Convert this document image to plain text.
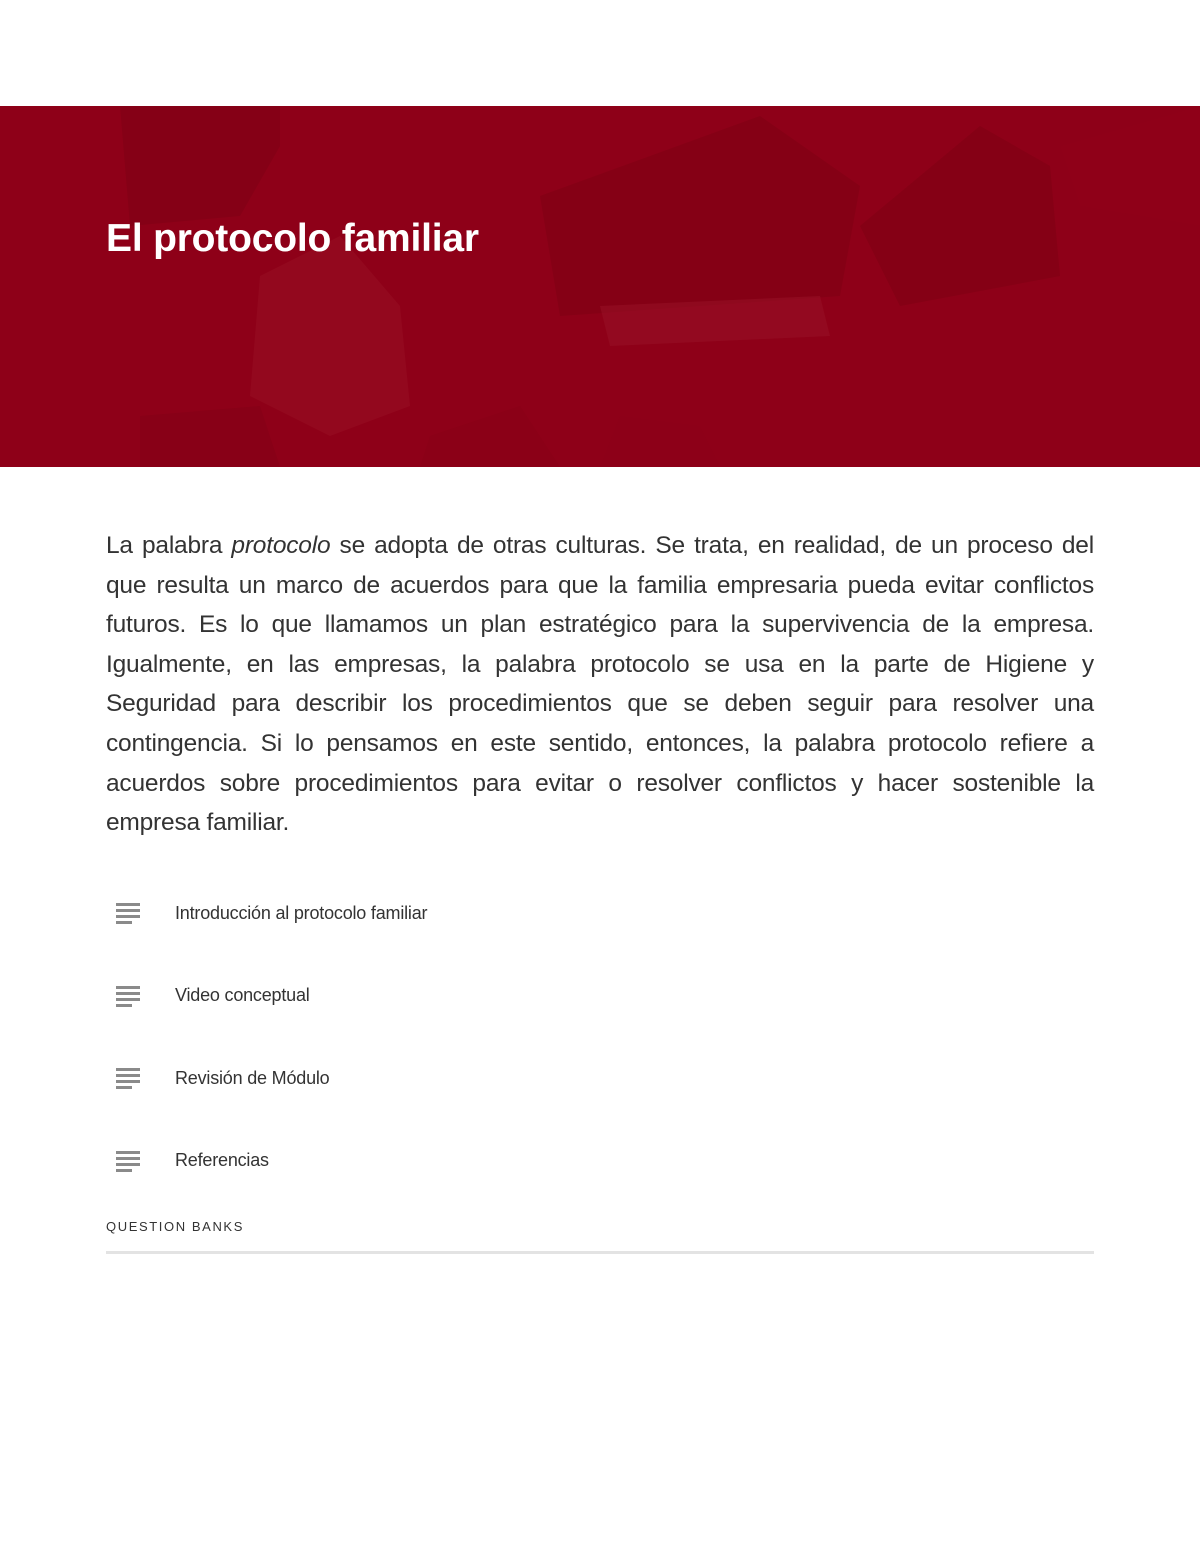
El protocolo familiar

La palabra protocolo se adopta de otras culturas. Se trata, en realidad, de un proceso del que resulta un marco de acuerdos para que la familia empresaria pueda evitar conflictos futuros. Es lo que llamamos un plan estratégico para la supervivencia de la empresa. Igualmente, en las empresas, la palabra protocolo se usa en la parte de Higiene y Seguridad para describir los procedimientos que se deben seguir para resolver una contingencia. Si lo pensamos en este sentido, entonces, la palabra protocolo refiere a acuerdos sobre procedimientos para evitar o resolver conflictos y hacer sostenible la empresa familiar.

Introducción al protocolo familiar
Video conceptual
Revisión de Módulo
Referencias

QUESTION BANKS
